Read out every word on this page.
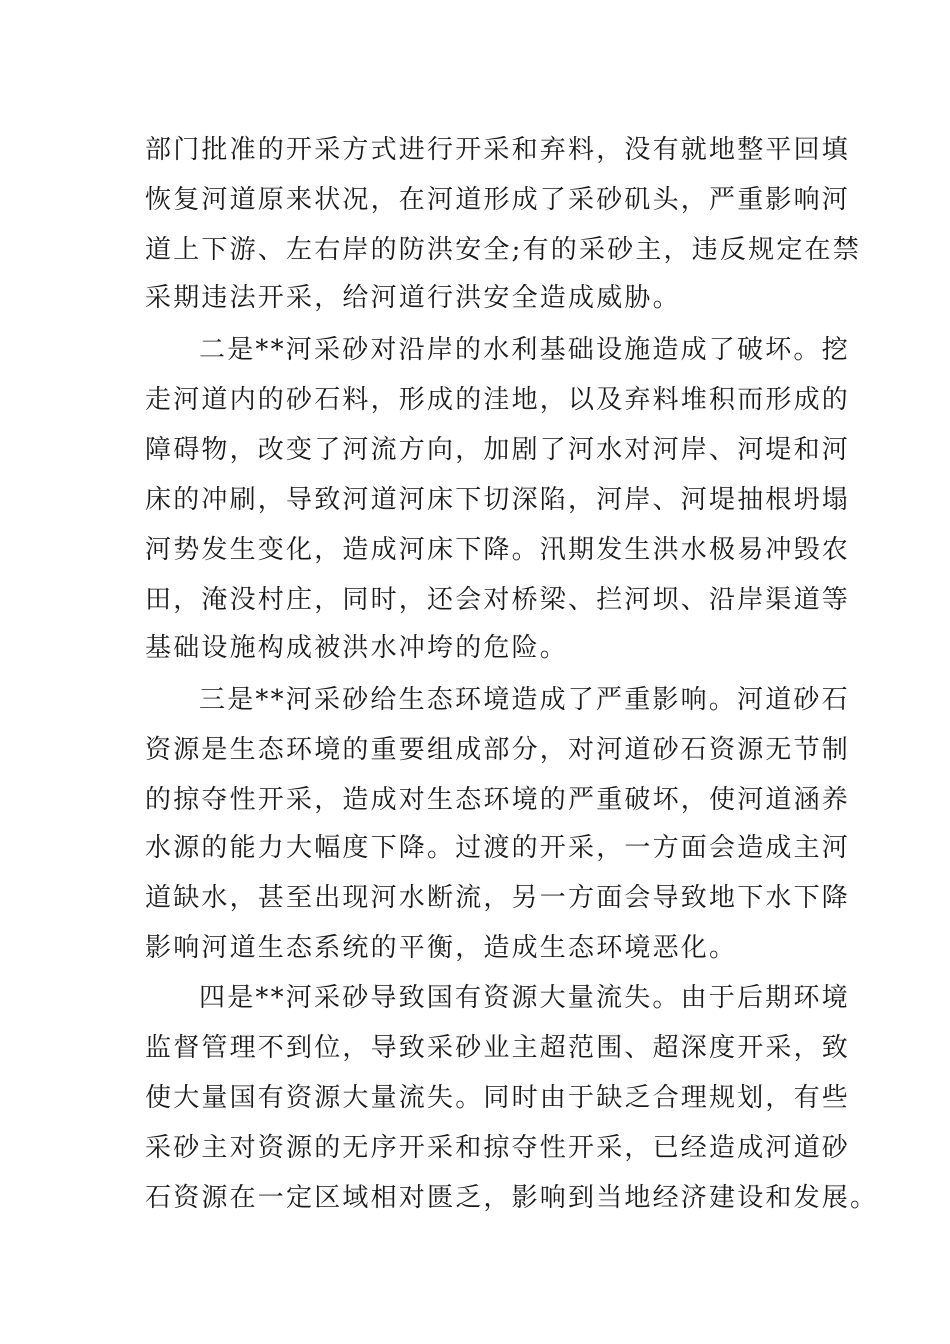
部门批准的开采方式进行开采和弃料，没有就地整平回填
恢复河道原来状况，在河道形成了采砂矶头，严重影响河
道上下游、左右岸的防洪安全;有的采砂主，违反规定在禁
采期违法开采，给河道行洪安全造成威胁。
二是**河采砂对沿岸的水利基础设施造成了破坏。挖
走河道内的砂石料，形成的洼地，以及弃料堆积而形成的
障碍物，改变了河流方向，加剧了河水对河岸、河堤和河
床的冲刷，导致河道河床下切深陷，河岸、河堤抽根坍塌
河势发生变化，造成河床下降。汛期发生洪水极易冲毁农
田，淹没村庄，同时，还会对桥梁、拦河坝、沿岸渠道等
基础设施构成被洪水冲垮的危险。
三是**河采砂给生态环境造成了严重影响。河道砂石
资源是生态环境的重要组成部分，对河道砂石资源无节制
的掠夺性开采，造成对生态环境的严重破坏，使河道涵养
水源的能力大幅度下降。过渡的开采，一方面会造成主河
道缺水，甚至出现河水断流，另一方面会导致地下水下降
影响河道生态系统的平衡，造成生态环境恶化。
四是**河采砂导致国有资源大量流失。由于后期环境
监督管理不到位，导致采砂业主超范围、超深度开采，致
使大量国有资源大量流失。同时由于缺乏合理规划，有些
采砂主对资源的无序开采和掠夺性开采，已经造成河道砂
石资源在一定区域相对匮乏，影响到当地经济建设和发展。
